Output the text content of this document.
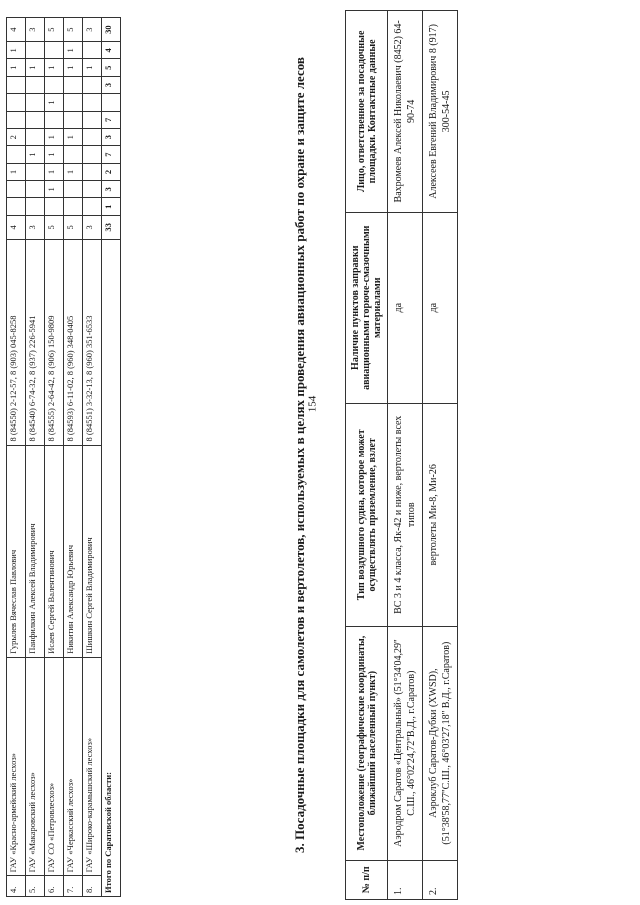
154
4.	ГАУ «Красно-армейский лесхоз»	Гурылев Вячеслав Павлович	8 (84550) 2-12-57, 8 (903) 045-8258	4			1		2				1	1	4
5.	ГАУ «Макаровский лесхоз»	Панфилкин Алексей Владимирович	8 (84540) 6-74-32, 8 (937) 226-5941	3				1					1		3
6.	ГАУ СО «Петровлесхоз»	Исаев Сергей Валентинович	8 (84555) 2-64-42, 8 (906) 150-9809	5		1	1	1	1		1		1		5
7.	ГАУ «Черкасский лесхоз»	Никитин Александр Юрьевич	8 (84593) 6-11-02, 8 (960) 348-0405	5			1		1				1	1	5
8.	ГАУ «Широко-карамышский лесхоз»	Шишкин Сергей Владимирович	8 (84551) 3-32-13, 8 (960) 351-6533	3									1		3
Итого по Саратовской области:				33	1	3	2	7	3	7		3	5	4	30
3. Посадочные площадки для самолетов и вертолетов, используемых в целях проведения авиационных работ по охране и защите лесов
№ п/п	Местоположение (географические координаты, ближайший населенный пункт)	Тип воздушного судна, которое может осуществлять приземление, взлет	Наличие пунктов заправки авиационными горюче-смазочными материалами	Лицо, ответственное за посадочные площадки. Контактные данные
1.	Аэродром Саратов «Центральный» (51°34'04,29'' С.Ш., 46°02'24,72''В.Д., г.Саратов)	ВС 3 и 4 класса, Як-42 и ниже, вертолеты всех типов	да	Вахромеев Алексей Николаевич (8452) 64-90-74
2.	Аэроклуб Саратов-Дубки (XWSD), (51°38'58,77''С.Ш., 46°03'27,18'' В.Д., г.Саратов)	вертолеты Ми-8, Ми-26	да	Алексеев Евгений Владимирович 8 (917) 300-54-45
